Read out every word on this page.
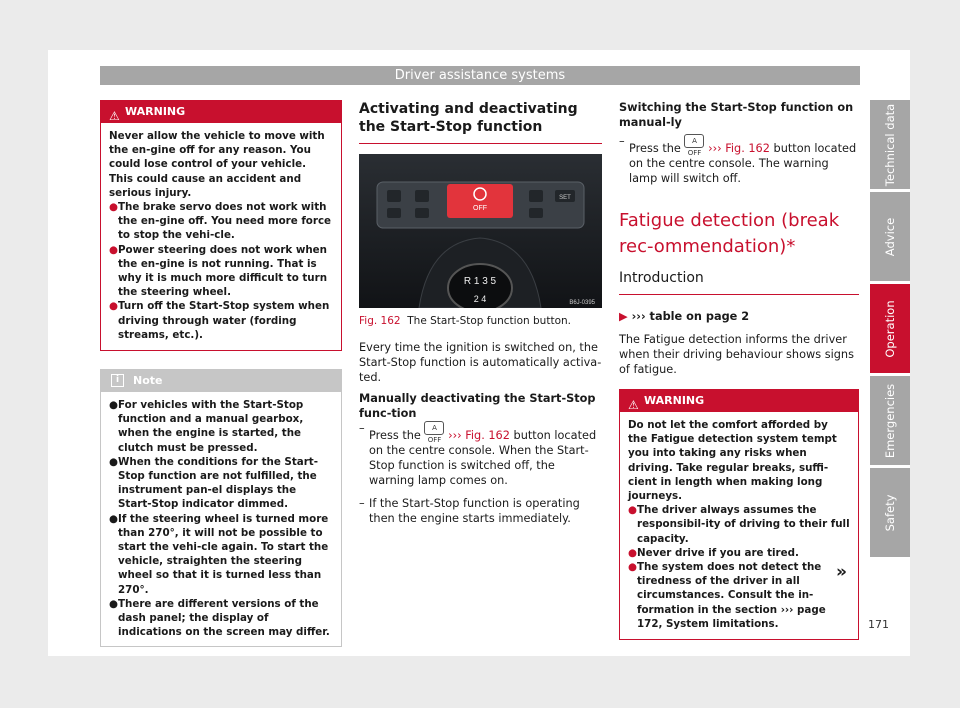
Driver assistance systems
⚠ WARNING
Never allow the vehicle to move with the en-gine off for any reason. You could lose control of your vehicle. This could cause an accident and serious injury.
● The brake servo does not work with the en-gine off. You need more force to stop the vehi-cle.
● Power steering does not work when the en-gine is not running. That is why it is much more difficult to turn the steering wheel.
● Turn off the Start-Stop system when driving through water (fording streams, etc.).
i	Note
● For vehicles with the Start-Stop function and a manual gearbox, when the engine is started, the clutch must be pressed.
● When the conditions for the Start-Stop function are not fulfilled, the instrument pan-el displays the Start-Stop indicator dimmed.
● If the steering wheel is turned more than 270°, it will not be possible to start the vehi-cle again. To start the vehicle, straighten the steering wheel so that it is turned less than 270°.
● There are different versions of the dash panel; the display of indications on the screen may differ.
Activating and deactivating the Start-Stop function
OFF
SET
R 1 3 5
2 4	B6J-0395
Fig. 162 The Start-Stop function button.
Every time the ignition is switched on, the Start-Stop function is automatically activa-ted.
Manually deactivating the Start-Stop func-tion
–
Press the A OFF ››› Fig. 162 button located on the centre console. When the Start-Stop function is switched off, the warning lamp comes on.
– If the Start-Stop function is operating then the engine starts immediately.
Switching the Start-Stop function on manual-ly
–
Press the A OFF ››› Fig. 162 button located on the centre console. The warning lamp will switch off.
Fatigue detection (break rec-ommendation)*
Introduction
▶ ››› table on page 2
The Fatigue detection informs the driver when their driving behaviour shows signs of fatigue.
⚠ WARNING
Do not let the comfort afforded by the Fatigue detection system tempt you into taking any risks when driving. Take regular breaks, suffi-cient in length when making long journeys.
● The driver always assumes the responsibil-ity of driving to their full capacity.
● Never drive if you are tired.
● The system does not detect the tiredness of the driver in all circumstances. Consult the in-formation in the section ››› page 172, System limitations.
»
Technical data
Advice
Operation
Emergencies
Safety
171
